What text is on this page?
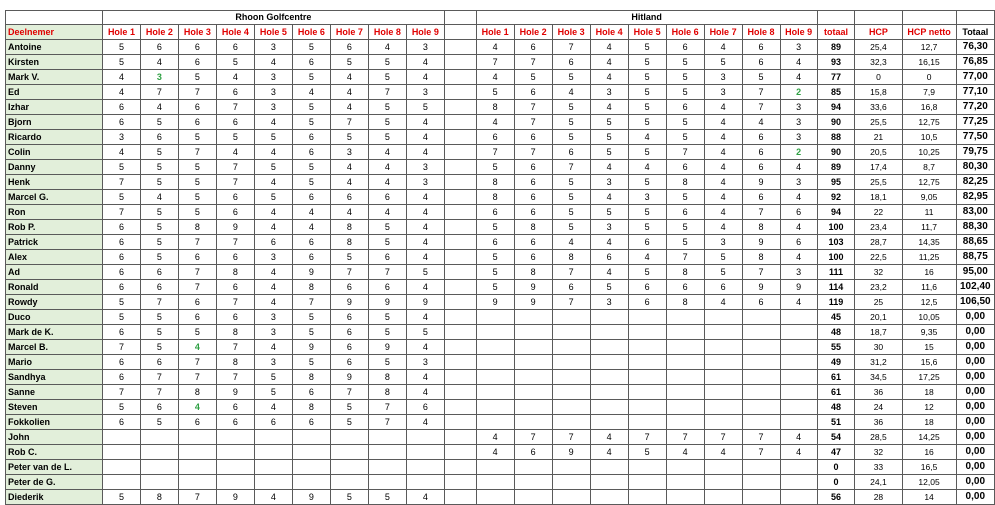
	Rhoon Golfcentre										Hitland												
Deelnemer	Hole 1	Hole 2	Hole 3	Hole 4	Hole 5	Hole 6	Hole 7	Hole 8	Hole 9		Hole 1	Hole 2	Hole 3	Hole 4	Hole 5	Hole 6	Hole 7	Hole 8	Hole 9	totaal	HCP	HCP netto	Totaal
Antoine	5	6	6	6	3	5	6	4	3		4	6	7	4	5	6	4	6	3	89	25,4	12,7	76,30
Kirsten	5	4	6	5	4	6	5	5	4		7	7	6	4	5	5	5	6	4	93	32,3	16,15	76,85
Mark V.	4	3	5	4	3	5	4	5	4		4	5	5	4	5	5	3	5	4	77	0	0	77,00
Ed	4	7	7	6	3	4	4	7	3		5	6	4	3	5	5	3	7	2	85	15,8	7,9	77,10
Izhar	6	4	6	7	3	5	4	5	5		8	7	5	4	5	6	4	7	3	94	33,6	16,8	77,20
Bjorn	6	5	6	6	4	5	7	5	4		4	7	5	5	5	5	4	4	3	90	25,5	12,75	77,25
Ricardo	3	6	5	5	5	6	5	5	4		6	6	5	5	4	5	4	6	3	88	21	10,5	77,50
Colin	4	5	7	4	4	6	3	4	4		7	7	6	5	5	7	4	6	2	90	20,5	10,25	79,75
Danny	5	5	5	7	5	5	4	4	3		5	6	7	4	4	6	4	6	4	89	17,4	8,7	80,30
Henk	7	5	5	7	4	5	4	4	3		8	6	5	3	5	8	4	9	3	95	25,5	12,75	82,25
Marcel G.	5	4	5	6	5	6	6	6	4		8	6	5	4	3	5	4	6	4	92	18,1	9,05	82,95
Ron	7	5	5	6	4	4	4	4	4		6	6	5	5	5	6	4	7	6	94	22	11	83,00
Rob P.	6	5	8	9	4	4	8	5	4		5	8	5	3	5	5	4	8	4	100	23,4	11,7	88,30
Patrick	6	5	7	7	6	6	8	5	4		6	6	4	4	6	5	3	9	6	103	28,7	14,35	88,65
Alex	6	5	6	6	3	6	5	6	4		5	6	8	6	4	7	5	8	4	100	22,5	11,25	88,75
Ad	6	6	7	8	4	9	7	7	5		5	8	7	4	5	8	5	7	3	111	32	16	95,00
Ronald	6	6	7	6	4	8	6	6	4		5	9	6	5	6	6	6	9	9	114	23,2	11,6	102,40
Rowdy	5	7	6	7	4	7	9	9	9		9	9	7	3	6	8	4	6	4	119	25	12,5	106,50
Duco	5	5	6	6	3	5	6	5	4											45	20,1	10,05	0,00
Mark de K.	6	5	5	8	3	5	6	5	5											48	18,7	9,35	0,00
Marcel B.	7	5	4	7	4	9	6	9	4											55	30	15	0,00
Mario	6	6	7	8	3	5	6	5	3											49	31,2	15,6	0,00
Sandhya	6	7	7	7	5	8	9	8	4											61	34,5	17,25	0,00
Sanne	7	7	8	9	5	6	7	8	4											61	36	18	0,00
Steven	5	6	4	6	4	8	5	7	6											48	24	12	0,00
Fokkolien	6	5	6	6	6	6	5	7	4											51	36	18	0,00
John											4	7	7	4	7	7	7	7	4	54	28,5	14,25	0,00
Rob C.											4	6	9	4	5	4	4	7	4	47	32	16	0,00
Peter van de L.																				0	33	16,5	0,00
Peter de G.																				0	24,1	12,05	0,00
Diederik	5	8	7	9	4	9	5	5	4											56	28	14	0,00
